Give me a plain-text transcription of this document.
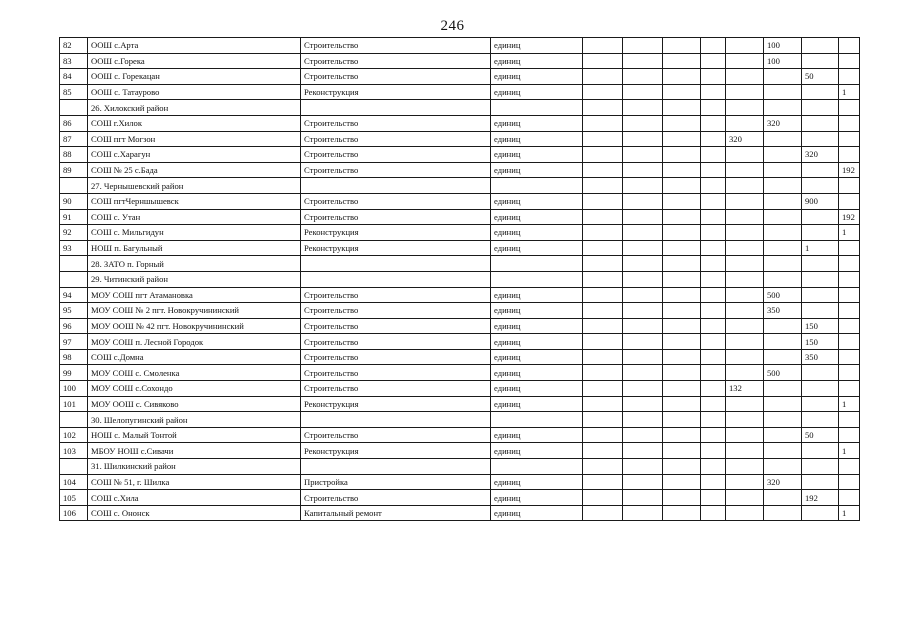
246
82	ООШ с.Арта	Строительство	единиц						100		
83	ООШ с.Горека	Строительство	единиц						100		
84	ООШ с. Горекацан	Строительство	единиц							50	
85	ООШ с. Татаурово	Реконструкция	единиц								1
	26. Хилокский район										
86	СОШ г.Хилок	Строительство	единиц						320		
87	СОШ пгт Могзон	Строительство	единиц					320			
88	СОШ с.Харагун	Строительство	единиц							320	
89	СОШ № 25 с.Бада	Строительство	единиц								192
	27. Чернышевский район										
90	СОШ пгтЧерншышевск	Строительство	единиц							900	
91	СОШ с. Утан	Строительство	единиц								192
92	СОШ с. Мильгидун	Реконструкция	единиц								1
93	НОШ п. Багульный	Реконструкция	единиц							1	
	28. ЗАТО п. Горный										
	29. Читинский район										
94	МОУ СОШ пгт Атамановка	Строительство	единиц						500		
95	МОУ СОШ № 2 пгт. Новокручининский	Строительство	единиц						350		
96	МОУ ООШ № 42 пгт. Новокручининский	Строительство	единиц							150	
97	МОУ СОШ п. Лесной Городок	Строительство	единиц							150	
98	СОШ с.Домна	Строительство	единиц							350	
99	МОУ СОШ с. Смоленка	Строительство	единиц						500		
100	МОУ СОШ с.Сохондо	Строительство	единиц					132			
101	МОУ ООШ с. Сивяково	Реконструкция	единиц								1
	30. Шелопугинский район										
102	НОШ с. Малый Тонтой	Строительство	единиц							50	
103	МБОУ НОШ с.Сивачи	Реконструкция	единиц								1
	31. Шилкинский район										
104	СОШ № 51, г. Шилка	Пристройка	единиц						320		
105	СОШ с.Хила	Строительство	единиц							192	
106	СОШ с. Ононск	Капитальный ремонт	единиц								1
